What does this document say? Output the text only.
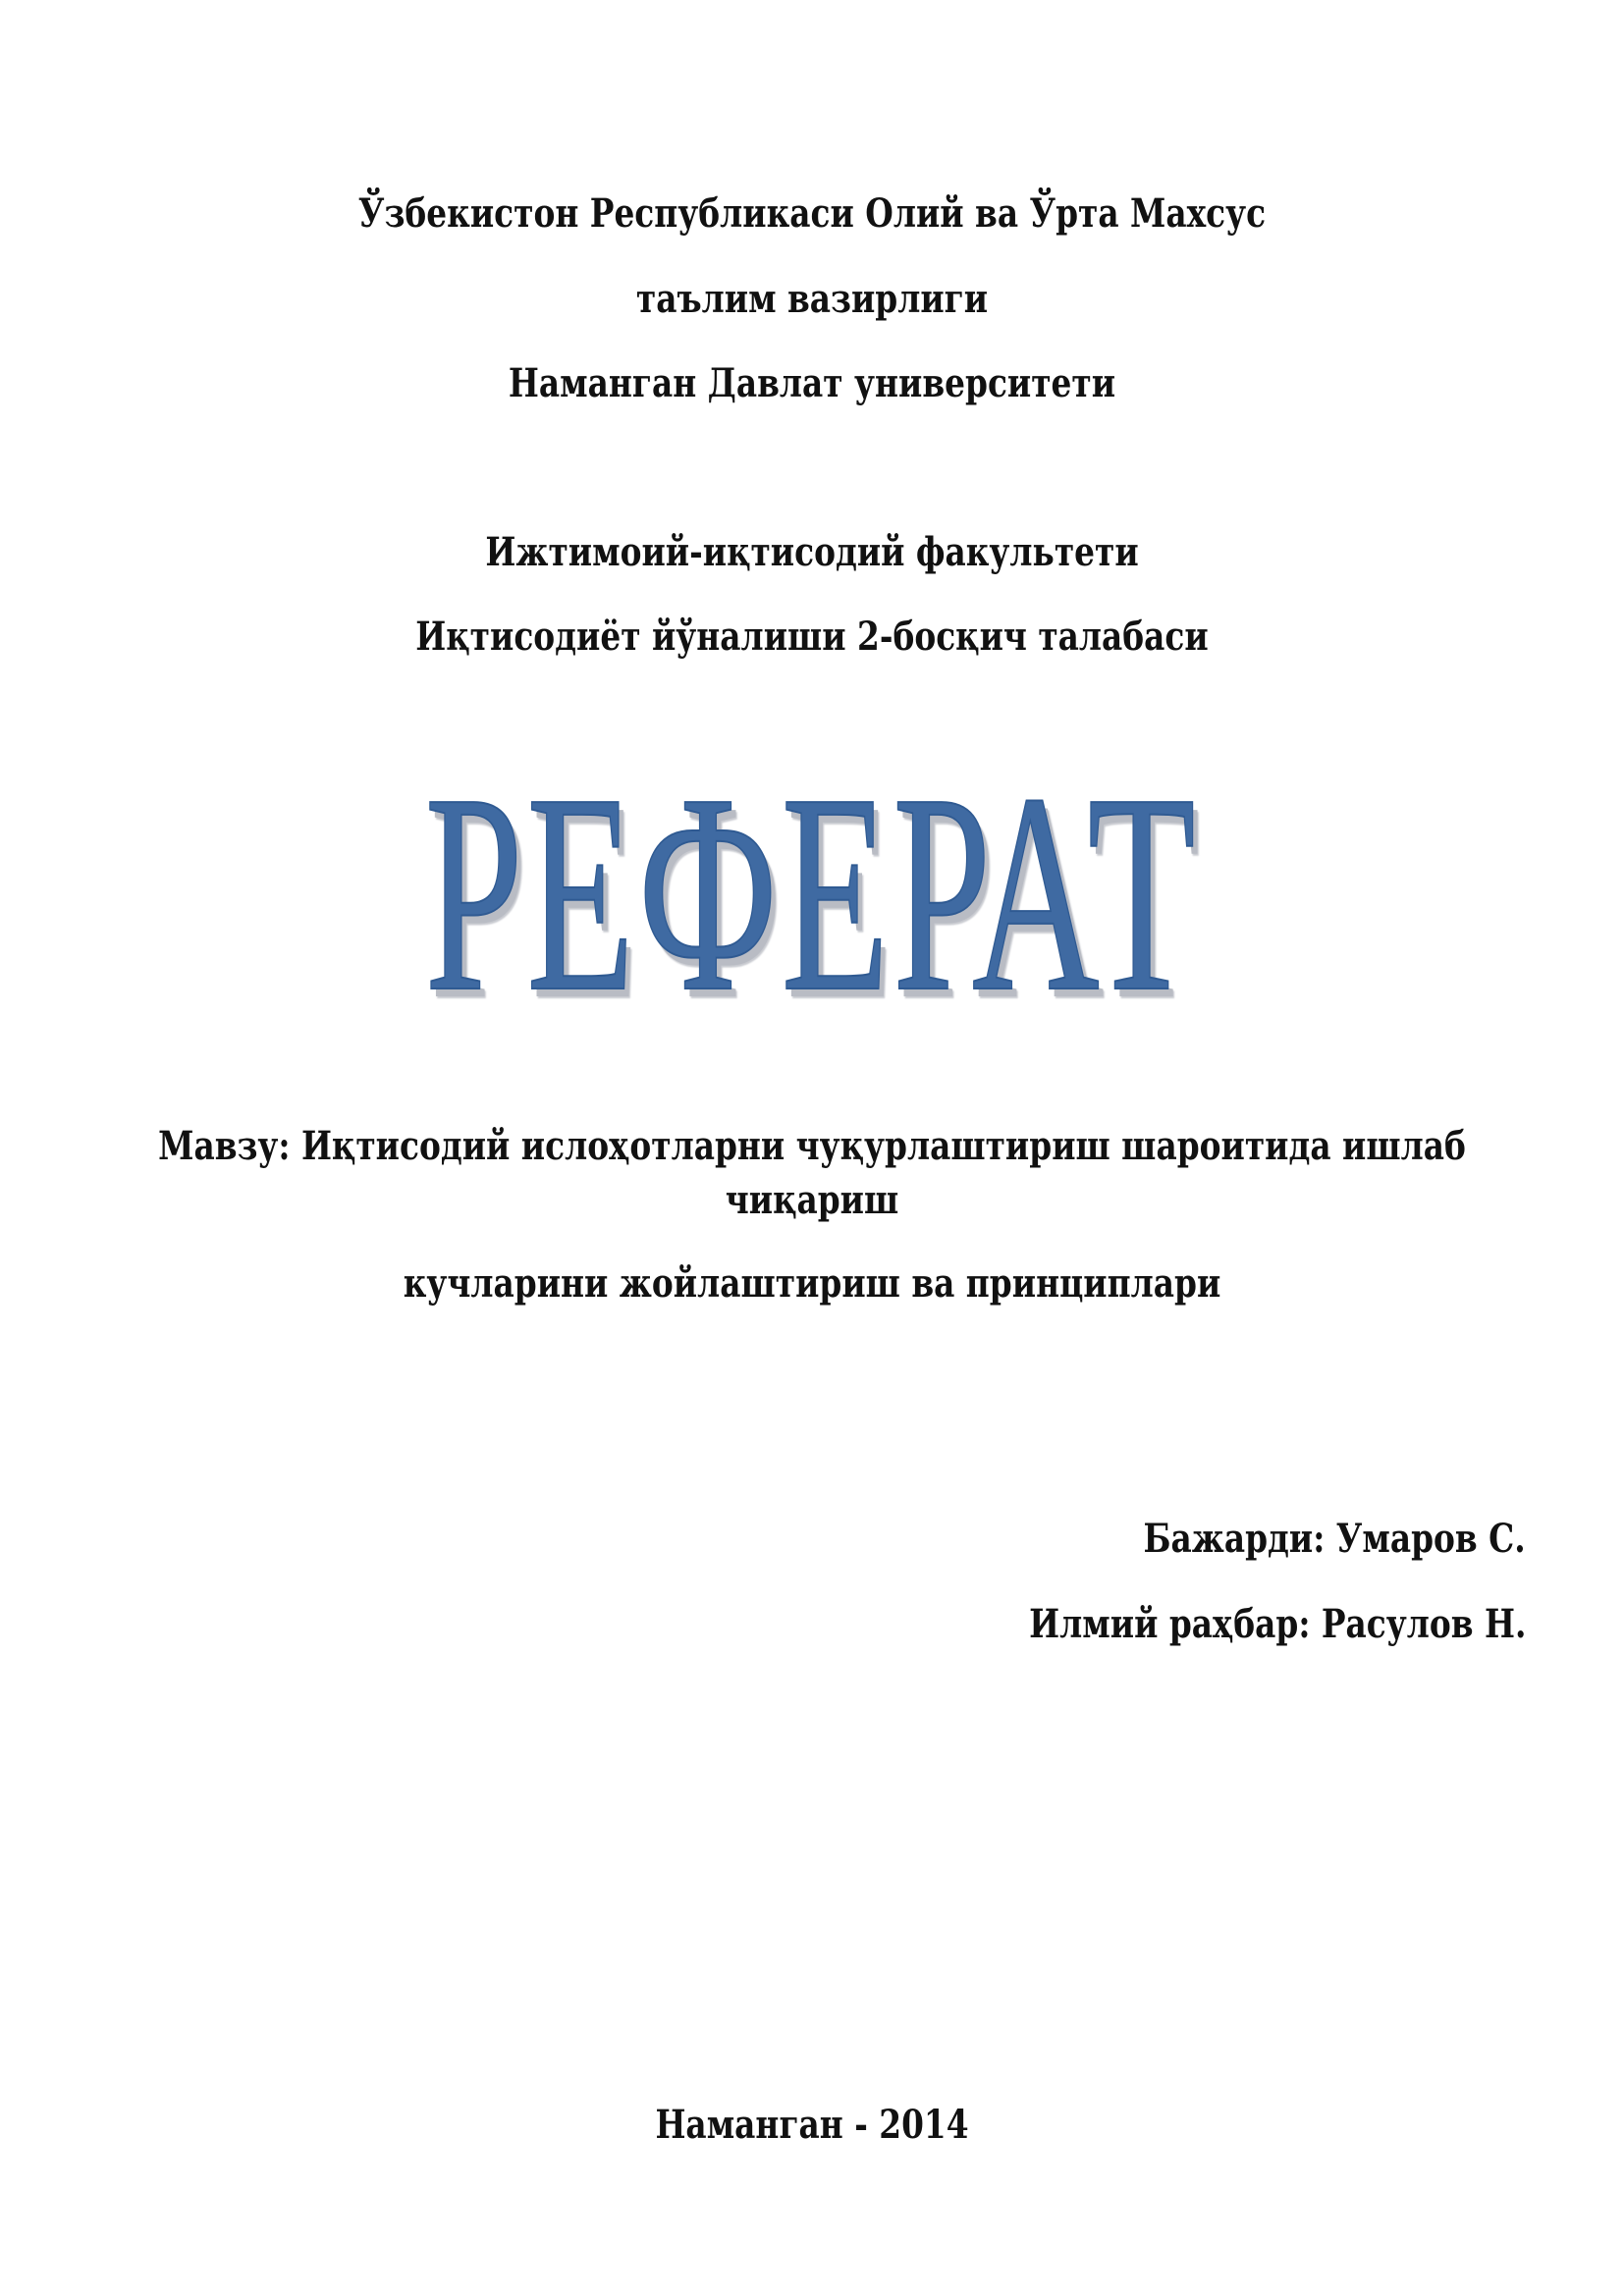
Ўзбекистон Республикаси Олий ва Ўрта Махсус
таълим вазирлиги
Наманган Давлат университети
Ижтимоий-иқтисодий факультети
Иқтисодиёт йўналиши 2-босқич талабаси
РЕФЕРАТ
Мавзу: Иқтисодий ислоҳотларни чуқурлаштириш шароитида ишлаб
чиқариш
кучларини жойлаштириш ва принциплари
Бажарди: Умаров С.
Илмий раҳбар: Расулов Н.
Наманган - 2014
